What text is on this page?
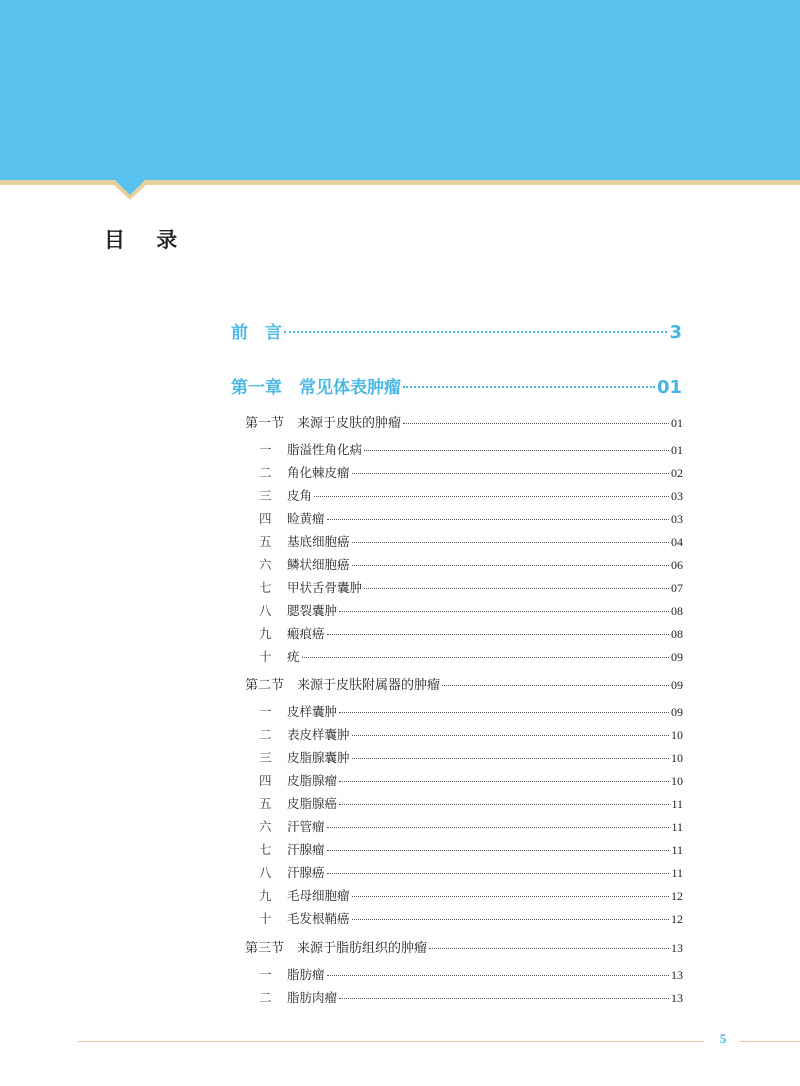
目 录
前　言	3
第一章　常见体表肿瘤	01
第一节　来源于皮肤的肿瘤	01
一	脂溢性角化病	01
二	角化棘皮瘤	02
三	皮角	03
四	睑黄瘤	03
五	基底细胞癌	04
六	鳞状细胞癌	06
七	甲状舌骨囊肿	07
八	腮裂囊肿	08
九	瘢痕癌	08
十	疣	09
第二节　来源于皮肤附属器的肿瘤	09
一	皮样囊肿	09
二	表皮样囊肿	10
三	皮脂腺囊肿	10
四	皮脂腺瘤	10
五	皮脂腺癌	11
六	汗管瘤	11
七	汗腺瘤	11
八	汗腺癌	11
九	毛母细胞瘤	12
十	毛发根鞘癌	12
第三节　来源于脂肪组织的肿瘤	13
一	脂肪瘤	13
二	脂肪肉瘤	13
5
